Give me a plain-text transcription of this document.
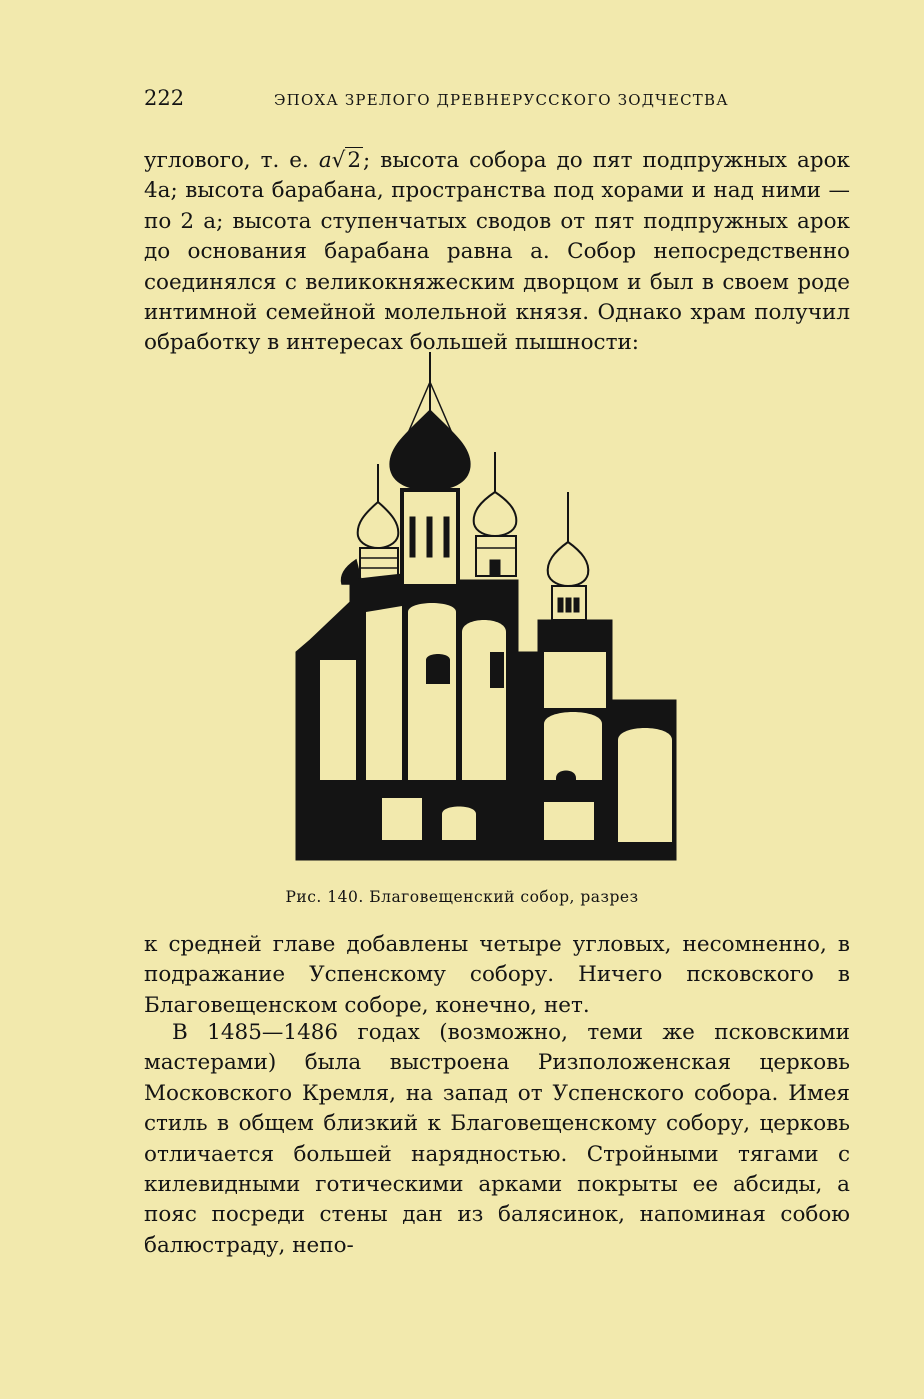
222	ЭПОХА ЗРЕЛОГО ДРЕВНЕРУССКОГО ЗОДЧЕСТВА

углового, т. е. a√2; высота собора до пят подпружных арок 4a; высота барабана, пространства под хорами и над ними — по 2 а; высота ступенчатых сводов от пят подпружных арок до основания барабана равна a. Собор непосредственно соединялся с великокняжеским дворцом и был в своем роде интимной семейной молельной князя. Однако храм получил обработку в интересах большей пышности:

Рис. 140. Благовещенский собор, разрез

к средней главе добавлены четыре угловых, несомненно, в подражание Успенскому собору. Ничего псковского в Благовещенском соборе, конечно, нет.

В 1485—1486 годах (возможно, теми же псковскими мастерами) была выстроена Ризположенская церковь Московского Кремля, на запад от Успенского собора. Имея стиль в общем близкий к Благовещенскому собору, церковь отличается большей нарядностью. Стройными тягами с килевидными готическими арками покрыты ее абсиды, а пояс посреди стены дан из балясинок, напоминая собою балюстраду, непо-
